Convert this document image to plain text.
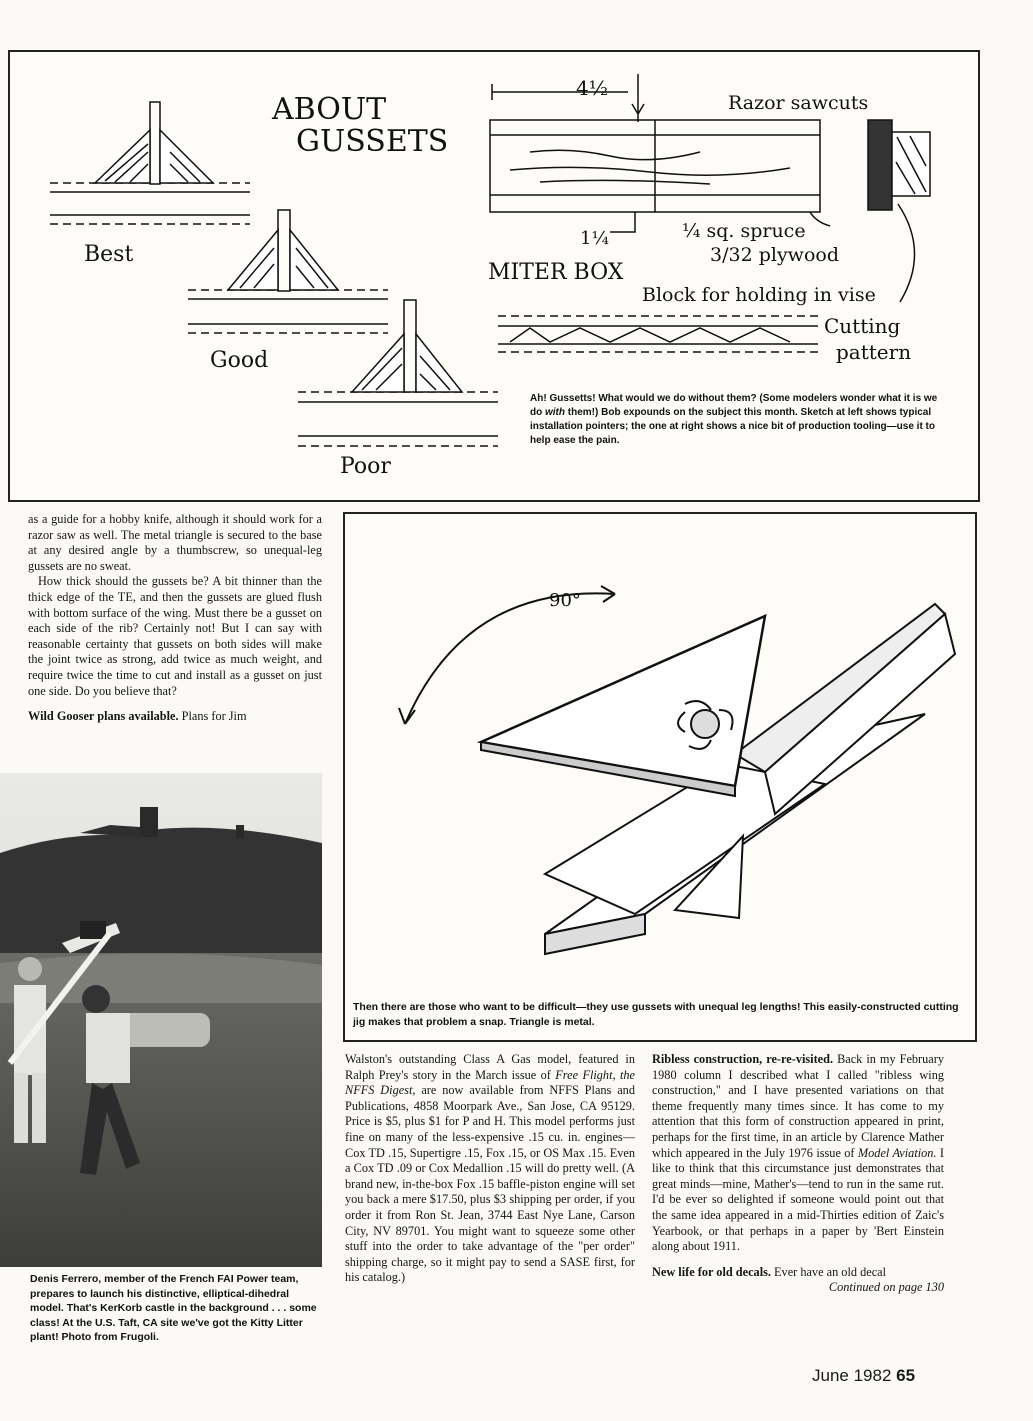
ABOUT
GUSSETS
Best
Good
Poor
4½
1¼
Razor sawcuts
¼ sq. spruce
3/32 plywood
MITER BOX
Block for holding in vise
Cutting
pattern
Ah! Gussetts! What would we do without them? (Some modelers wonder what it is we do with them!) Bob expounds on the subject this month. Sketch at left shows typical installation pointers; the one at right shows a nice bit of production tooling—use it to help ease the pain.

as a guide for a hobby knife, although it should work for a razor saw as well. The metal triangle is secured to the base at any desired angle by a thumbscrew, so unequal-leg gussets are no sweat.

How thick should the gussets be? A bit thinner than the thick edge of the TE, and then the gussets are glued flush with bottom surface of the wing. Must there be a gusset on each side of the rib? Certainly not! But I can say with reasonable certainty that gussets on both sides will make the joint twice as strong, add twice as much weight, and require twice the time to cut and install as a gusset on just one side. Do you believe that?

Wild Gooser plans available. Plans for Jim

Denis Ferrero, member of the French FAI Power team, prepares to launch his distinctive, elliptical-dihedral model. That's KerKorb castle in the background . . . some class! At the U.S. Taft, CA site we've got the Kitty Litter plant! Photo from Frugoli.
90°
Then there are those who want to be difficult—they use gussets with unequal leg lengths! This easily-constructed cutting jig makes that problem a snap. Triangle is metal.

Walston's outstanding Class A Gas model, featured in Ralph Prey's story in the March issue of Free Flight, the NFFS Digest, are now available from NFFS Plans and Publications, 4858 Moorpark Ave., San Jose, CA 95129. Price is $5, plus $1 for P and H. This model performs just fine on many of the less-expensive .15 cu. in. engines—Cox TD .15, Supertigre .15, Fox .15, or OS Max .15. Even a Cox TD .09 or Cox Medallion .15 will do pretty well. (A brand new, in-the-box Fox .15 baffle-piston engine will set you back a mere $17.50, plus $3 shipping per order, if you order it from Ron St. Jean, 3744 East Nye Lane, Carson City, NV 89701. You might want to squeeze some other stuff into the order to take advantage of the "per order" shipping charge, so it might pay to send a SASE first, for his catalog.)

Ribless construction, re-re-visited. Back in my February 1980 column I described what I called "ribless wing construction," and I have presented variations on that theme frequently many times since. It has come to my attention that this form of construction appeared in print, perhaps for the first time, in an article by Clarence Mather which appeared in the July 1976 issue of Model Aviation. I like to think that this circumstance just demonstrates that great minds—mine, Mather's—tend to run in the same rut. I'd be ever so delighted if someone would point out that the same idea appeared in a mid-Thirties edition of Zaic's Yearbook, or that perhaps in a paper by 'Bert Einstein along about 1911.

New life for old decals. Ever have an old decal

Continued on page 130

June 1982 65
